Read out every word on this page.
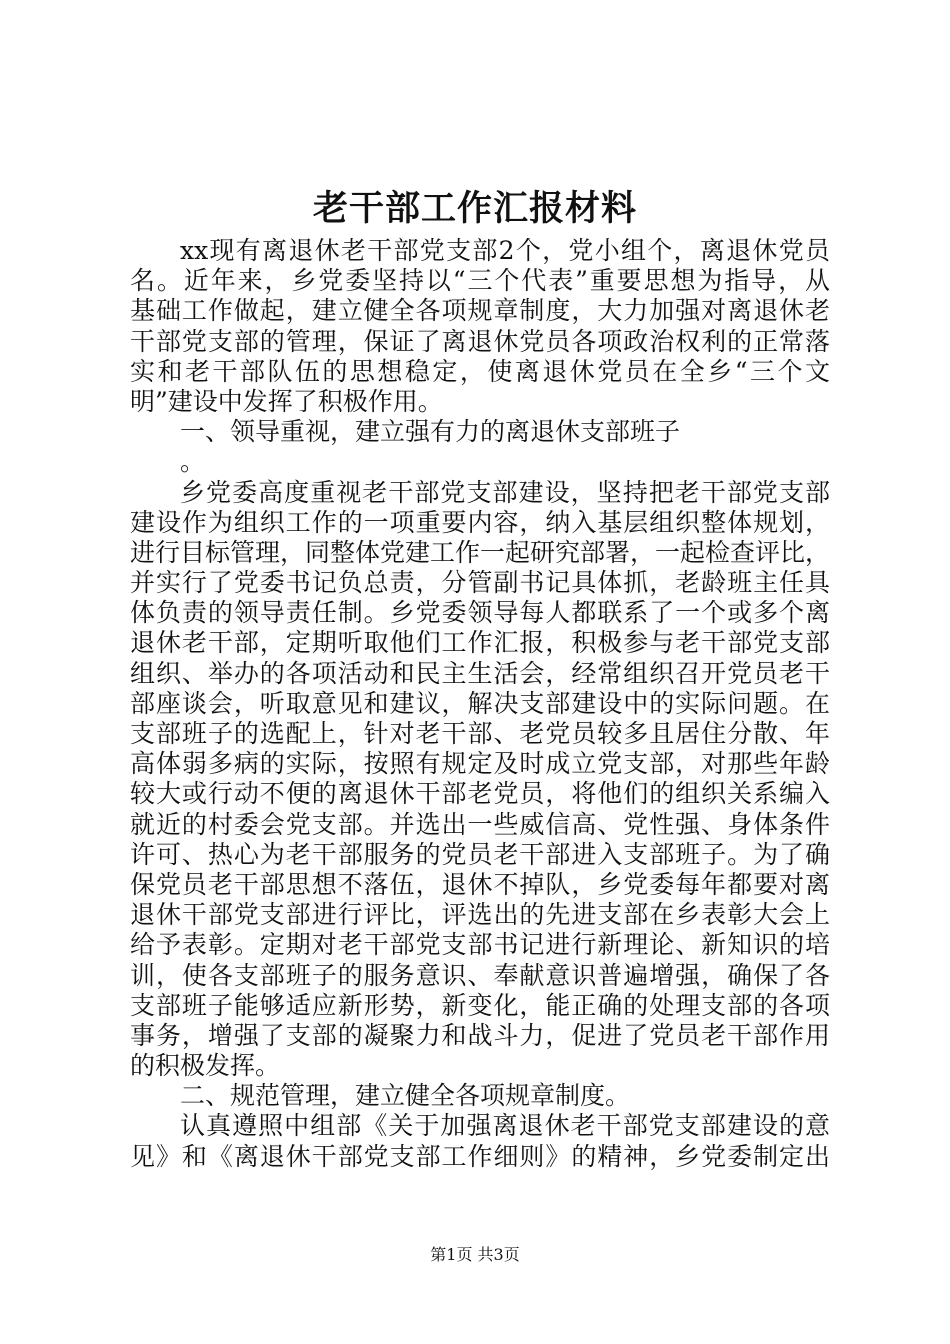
老干部工作汇报材料
xx现有离退休老干部党支部2个，党小组个，离退休党员
名。近年来，乡党委坚持以“三个代表”重要思想为指导，从
基础工作做起，建立健全各项规章制度，大力加强对离退休老
干部党支部的管理，保证了离退休党员各项政治权利的正常落
实和老干部队伍的思想稳定，使离退休党员在全乡“三个文
明”建设中发挥了积极作用。
一、领导重视，建立强有力的离退休支部班子
。
乡党委高度重视老干部党支部建设，坚持把老干部党支部
建设作为组织工作的一项重要内容，纳入基层组织整体规划，
进行目标管理，同整体党建工作一起研究部署，一起检查评比，
并实行了党委书记负总责，分管副书记具体抓，老龄班主任具
体负责的领导责任制。乡党委领导每人都联系了一个或多个离
退休老干部，定期听取他们工作汇报，积极参与老干部党支部
组织、举办的各项活动和民主生活会，经常组织召开党员老干
部座谈会，听取意见和建议，解决支部建设中的实际问题。在
支部班子的选配上，针对老干部、老党员较多且居住分散、年
高体弱多病的实际，按照有规定及时成立党支部，对那些年龄
较大或行动不便的离退休干部老党员，将他们的组织关系编入
就近的村委会党支部。并选出一些威信高、党性强、身体条件
许可、热心为老干部服务的党员老干部进入支部班子。为了确
保党员老干部思想不落伍，退休不掉队，乡党委每年都要对离
退休干部党支部进行评比，评选出的先进支部在乡表彰大会上
给予表彰。定期对老干部党支部书记进行新理论、新知识的培
训，使各支部班子的服务意识、奉献意识普遍增强，确保了各
支部班子能够适应新形势，新变化，能正确的处理支部的各项
事务，增强了支部的凝聚力和战斗力，促进了党员老干部作用
的积极发挥。
二、规范管理，建立健全各项规章制度。
认真遵照中组部《关于加强离退休老干部党支部建设的意
见》和《离退休干部党支部工作细则》的精神，乡党委制定出
第1页 共3页
